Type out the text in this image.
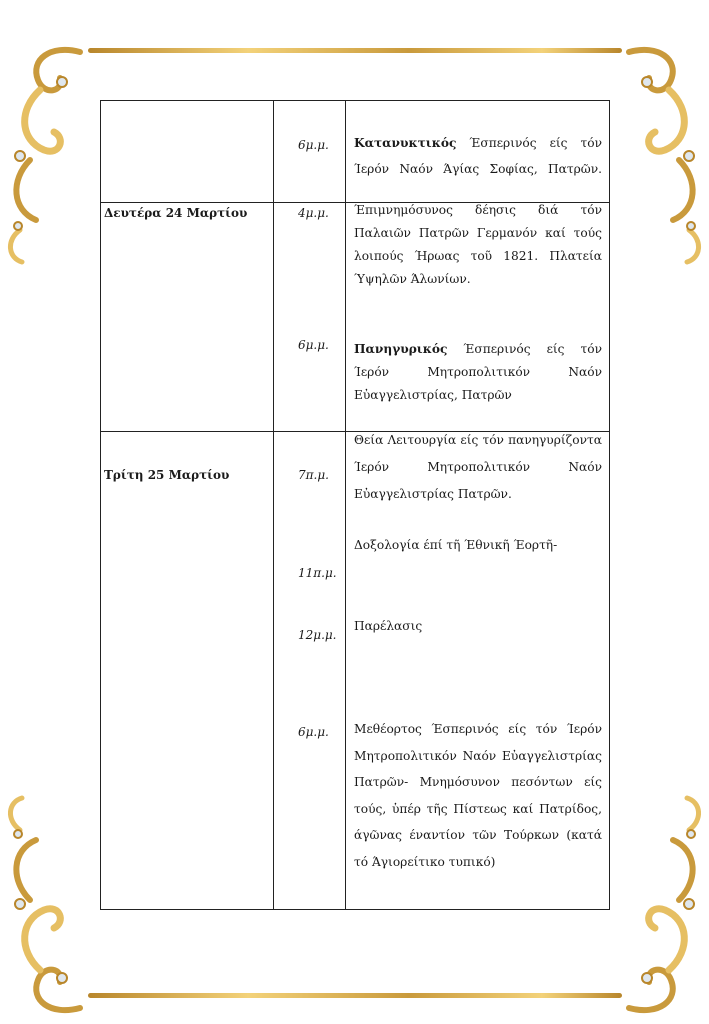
6μ.μ. Κατανυκτικός Έσπερινός είς τόν Ίερόν Ναόν Άγίας Σοφίας, Πατρῶν.
Δευτέρα 24 Μαρτίου	4μ.μ. Έπιμνημόσυνος δέησις διά τόν Παλαιῶν Πατρῶν Γερμανόν καί τούς λοιπούς Ήρωας τοῦ 1821. Πλατεία Ύψηλῶν Άλωνίων.
6μ.μ. Πανηγυρικός Έσπερινός είς τόν Ίερόν Μητροπολιτικόν Ναόν Εὐαγγελιστρίας, Πατρῶν
Τρίτη 25 Μαρτίου	7π.μ.
Θεία Λειτουργία είς τόν πανηγυρίζοντα Ίερόν Μητροπολιτικόν Ναόν Εὐαγγελιστρίας Πατρῶν.
11π.μ.
Δοξολογία έπί τῆ Έθνικῆ Έορτῆ-
12μ.μ.
Παρέλασις
6μ.μ. Μεθέορτος Έσπερινός είς τόν Ίερόν Μητροπολιτικόν Ναόν Εὐαγγελιστρίας Πατρῶν- Μνημόσυνον πεσόντων είς τούς, ὑπέρ τῆς Πίστεως καί Πατρίδος, άγῶνας έναντίον τῶν Τούρκων (κατά τό Άγιορείτικο τυπικό)
